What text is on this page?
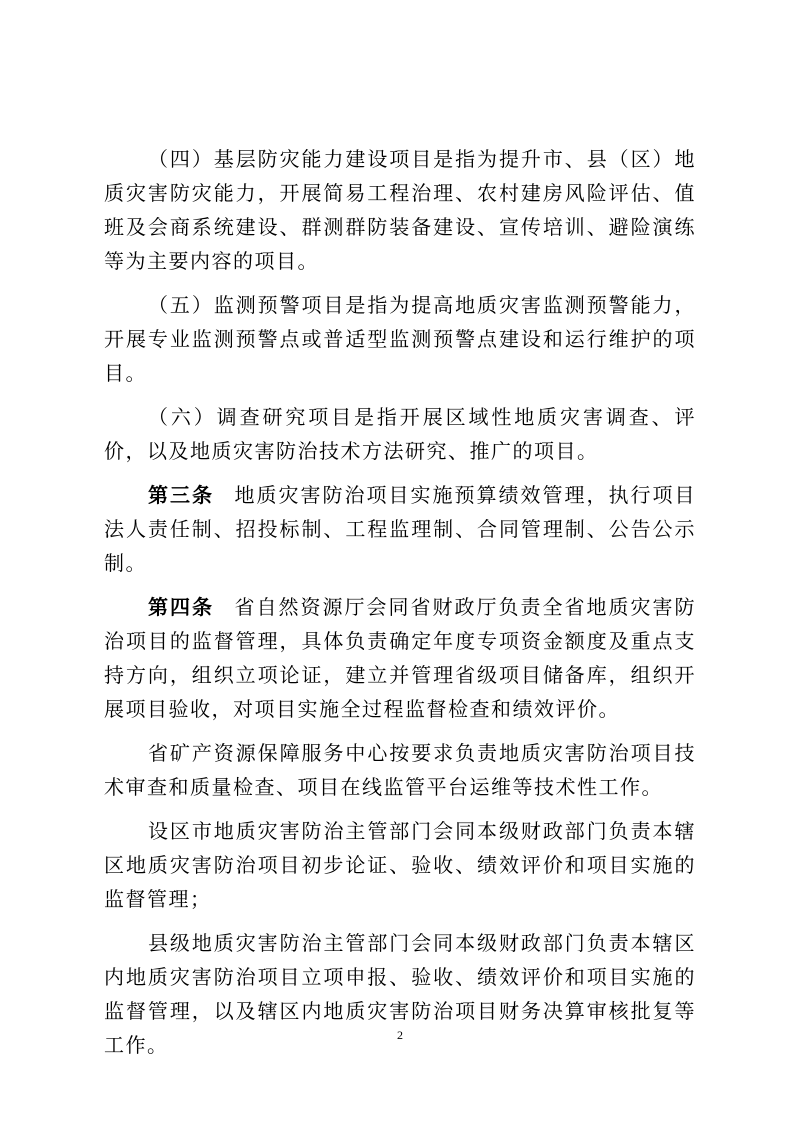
（四）基层防灾能力建设项目是指为提升市、县（区）地质灾害防灾能力，开展简易工程治理、农村建房风险评估、值班及会商系统建设、群测群防装备建设、宣传培训、避险演练等为主要内容的项目。

（五）监测预警项目是指为提高地质灾害监测预警能力，开展专业监测预警点或普适型监测预警点建设和运行维护的项目。

（六）调查研究项目是指开展区域性地质灾害调查、评价，以及地质灾害防治技术方法研究、推广的项目。

第三条 地质灾害防治项目实施预算绩效管理，执行项目法人责任制、招投标制、工程监理制、合同管理制、公告公示制。

第四条 省自然资源厅会同省财政厅负责全省地质灾害防治项目的监督管理，具体负责确定年度专项资金额度及重点支持方向，组织立项论证，建立并管理省级项目储备库，组织开展项目验收，对项目实施全过程监督检查和绩效评价。

省矿产资源保障服务中心按要求负责地质灾害防治项目技术审查和质量检查、项目在线监管平台运维等技术性工作。

设区市地质灾害防治主管部门会同本级财政部门负责本辖区地质灾害防治项目初步论证、验收、绩效评价和项目实施的监督管理；

县级地质灾害防治主管部门会同本级财政部门负责本辖区内地质灾害防治项目立项申报、验收、绩效评价和项目实施的监督管理，以及辖区内地质灾害防治项目财务决算审核批复等工作。	2
